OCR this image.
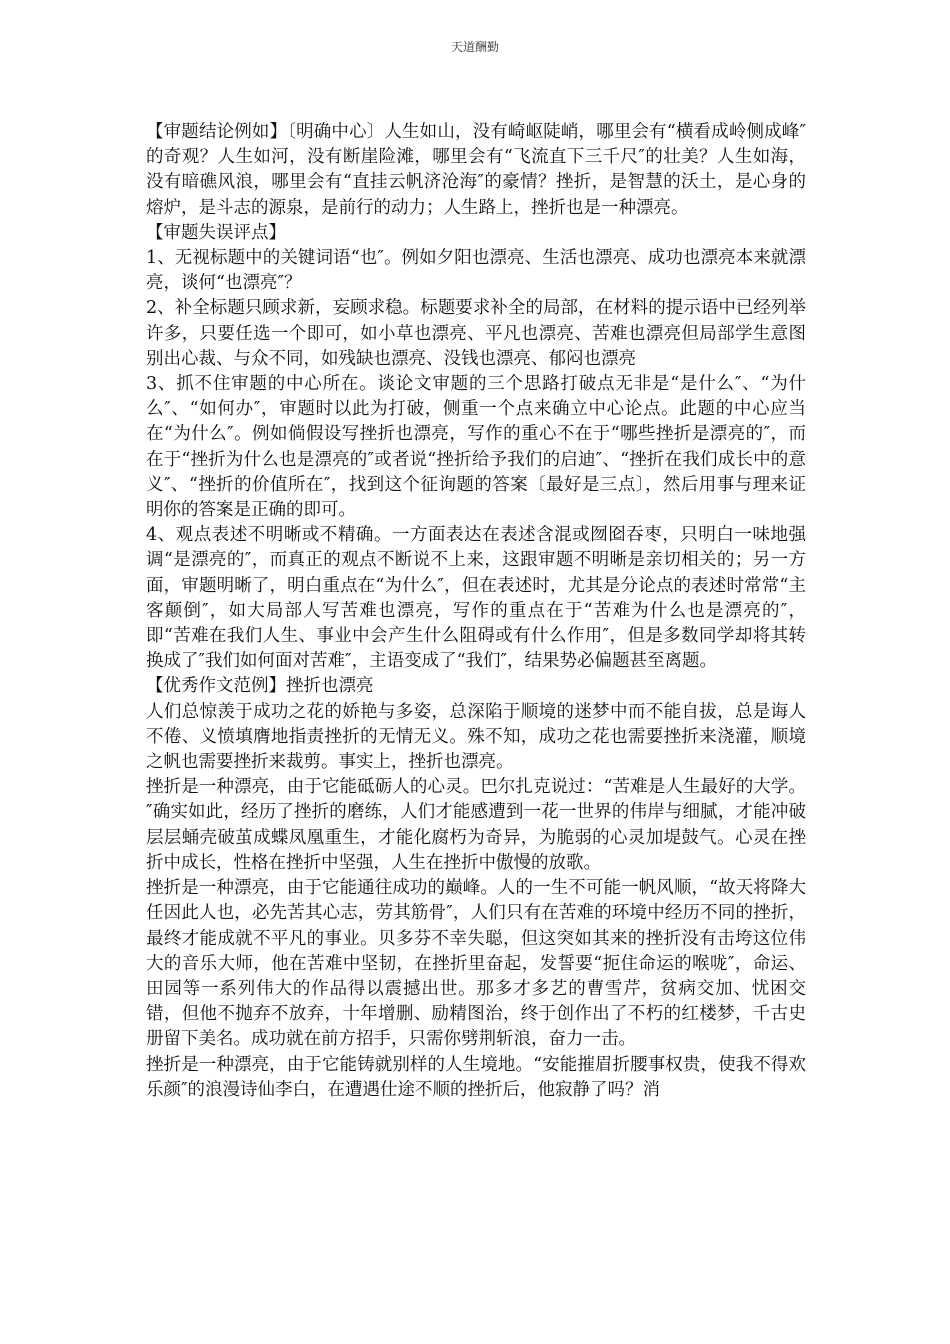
天道酬勤

【审题结论例如】〔明确中心〕人生如山，没有崎岖陡峭，哪里会有“横看成岭侧成峰″的奇观？人生如河，没有断崖险滩，哪里会有“飞流直下三千尺″的壮美？人生如海，没有暗礁风浪，哪里会有“直挂云帆济沧海″的豪情？挫折，是智慧的沃土，是心身的熔炉，是斗志的源泉，是前行的动力；人生路上，挫折也是一种漂亮。

【审题失误评点】

1、无视标题中的关键词语“也″。例如夕阳也漂亮、生活也漂亮、成功也漂亮本来就漂亮，谈何“也漂亮″？

2、补全标题只顾求新，妄顾求稳。标题要求补全的局部，在材料的提示语中已经列举许多，只要任选一个即可，如小草也漂亮、平凡也漂亮、苦难也漂亮但局部学生意图别出心裁、与众不同，如残缺也漂亮、没钱也漂亮、郁闷也漂亮

3、抓不住审题的中心所在。谈论文审题的三个思路打破点无非是“是什么″、“为什么″、“如何办″，审题时以此为打破，侧重一个点来确立中心论点。此题的中心应当在“为什么″。例如倘假设写挫折也漂亮，写作的重心不在于“哪些挫折是漂亮的″，而在于“挫折为什么也是漂亮的″或者说“挫折给予我们的启迪″、“挫折在我们成长中的意义″、“挫折的价值所在″，找到这个征询题的答案〔最好是三点〕，然后用事与理来证明你的答案是正确的即可。

4、观点表述不明晰或不精确。一方面表达在表述含混或囫囵吞枣，只明白一味地强调“是漂亮的″，而真正的观点不断说不上来，这跟审题不明晰是亲切相关的；另一方面，审题明晰了，明白重点在“为什么″，但在表述时，尤其是分论点的表述时常常“主客颠倒″，如大局部人写苦难也漂亮，写作的重点在于“苦难为什么也是漂亮的″，即“苦难在我们人生、事业中会产生什么阻碍或有什么作用″，但是多数同学却将其转换成了″我们如何面对苦难″，主语变成了“我们″，结果势必偏题甚至离题。

【优秀作文范例】挫折也漂亮

人们总惊羡于成功之花的娇艳与多姿，总深陷于顺境的迷梦中而不能自拔，总是诲人不倦、义愤填膺地指责挫折的无情无义。殊不知，成功之花也需要挫折来浇灌，顺境之帆也需要挫折来裁剪。事实上，挫折也漂亮。

挫折是一种漂亮，由于它能砥砺人的心灵。巴尔扎克说过：“苦难是人生最好的大学。″确实如此，经历了挫折的磨练，人们才能感遭到一花一世界的伟岸与细腻，才能冲破层层蛹壳破茧成蝶凤凰重生，才能化腐朽为奇异，为脆弱的心灵加堤鼓气。心灵在挫折中成长，性格在挫折中坚强，人生在挫折中傲慢的放歌。

挫折是一种漂亮，由于它能通往成功的巅峰。人的一生不可能一帆风顺，“故天将降大任因此人也，必先苦其心志，劳其筋骨″，人们只有在苦难的环境中经历不同的挫折，最终才能成就不平凡的事业。贝多芬不幸失聪，但这突如其来的挫折没有击垮这位伟大的音乐大师，他在苦难中坚韧，在挫折里奋起，发誓要“扼住命运的喉咙″，命运、田园等一系列伟大的作品得以震撼出世。那多才多艺的曹雪芹，贫病交加、忧困交错，但他不抛弃不放弃，十年增删、励精图治，终于创作出了不朽的红楼梦，千古史册留下美名。成功就在前方招手，只需你劈荆斩浪，奋力一击。

挫折是一种漂亮，由于它能铸就别样的人生境地。“安能摧眉折腰事权贵，使我不得欢乐颜″的浪漫诗仙李白，在遭遇仕途不顺的挫折后，他寂静了吗？消
